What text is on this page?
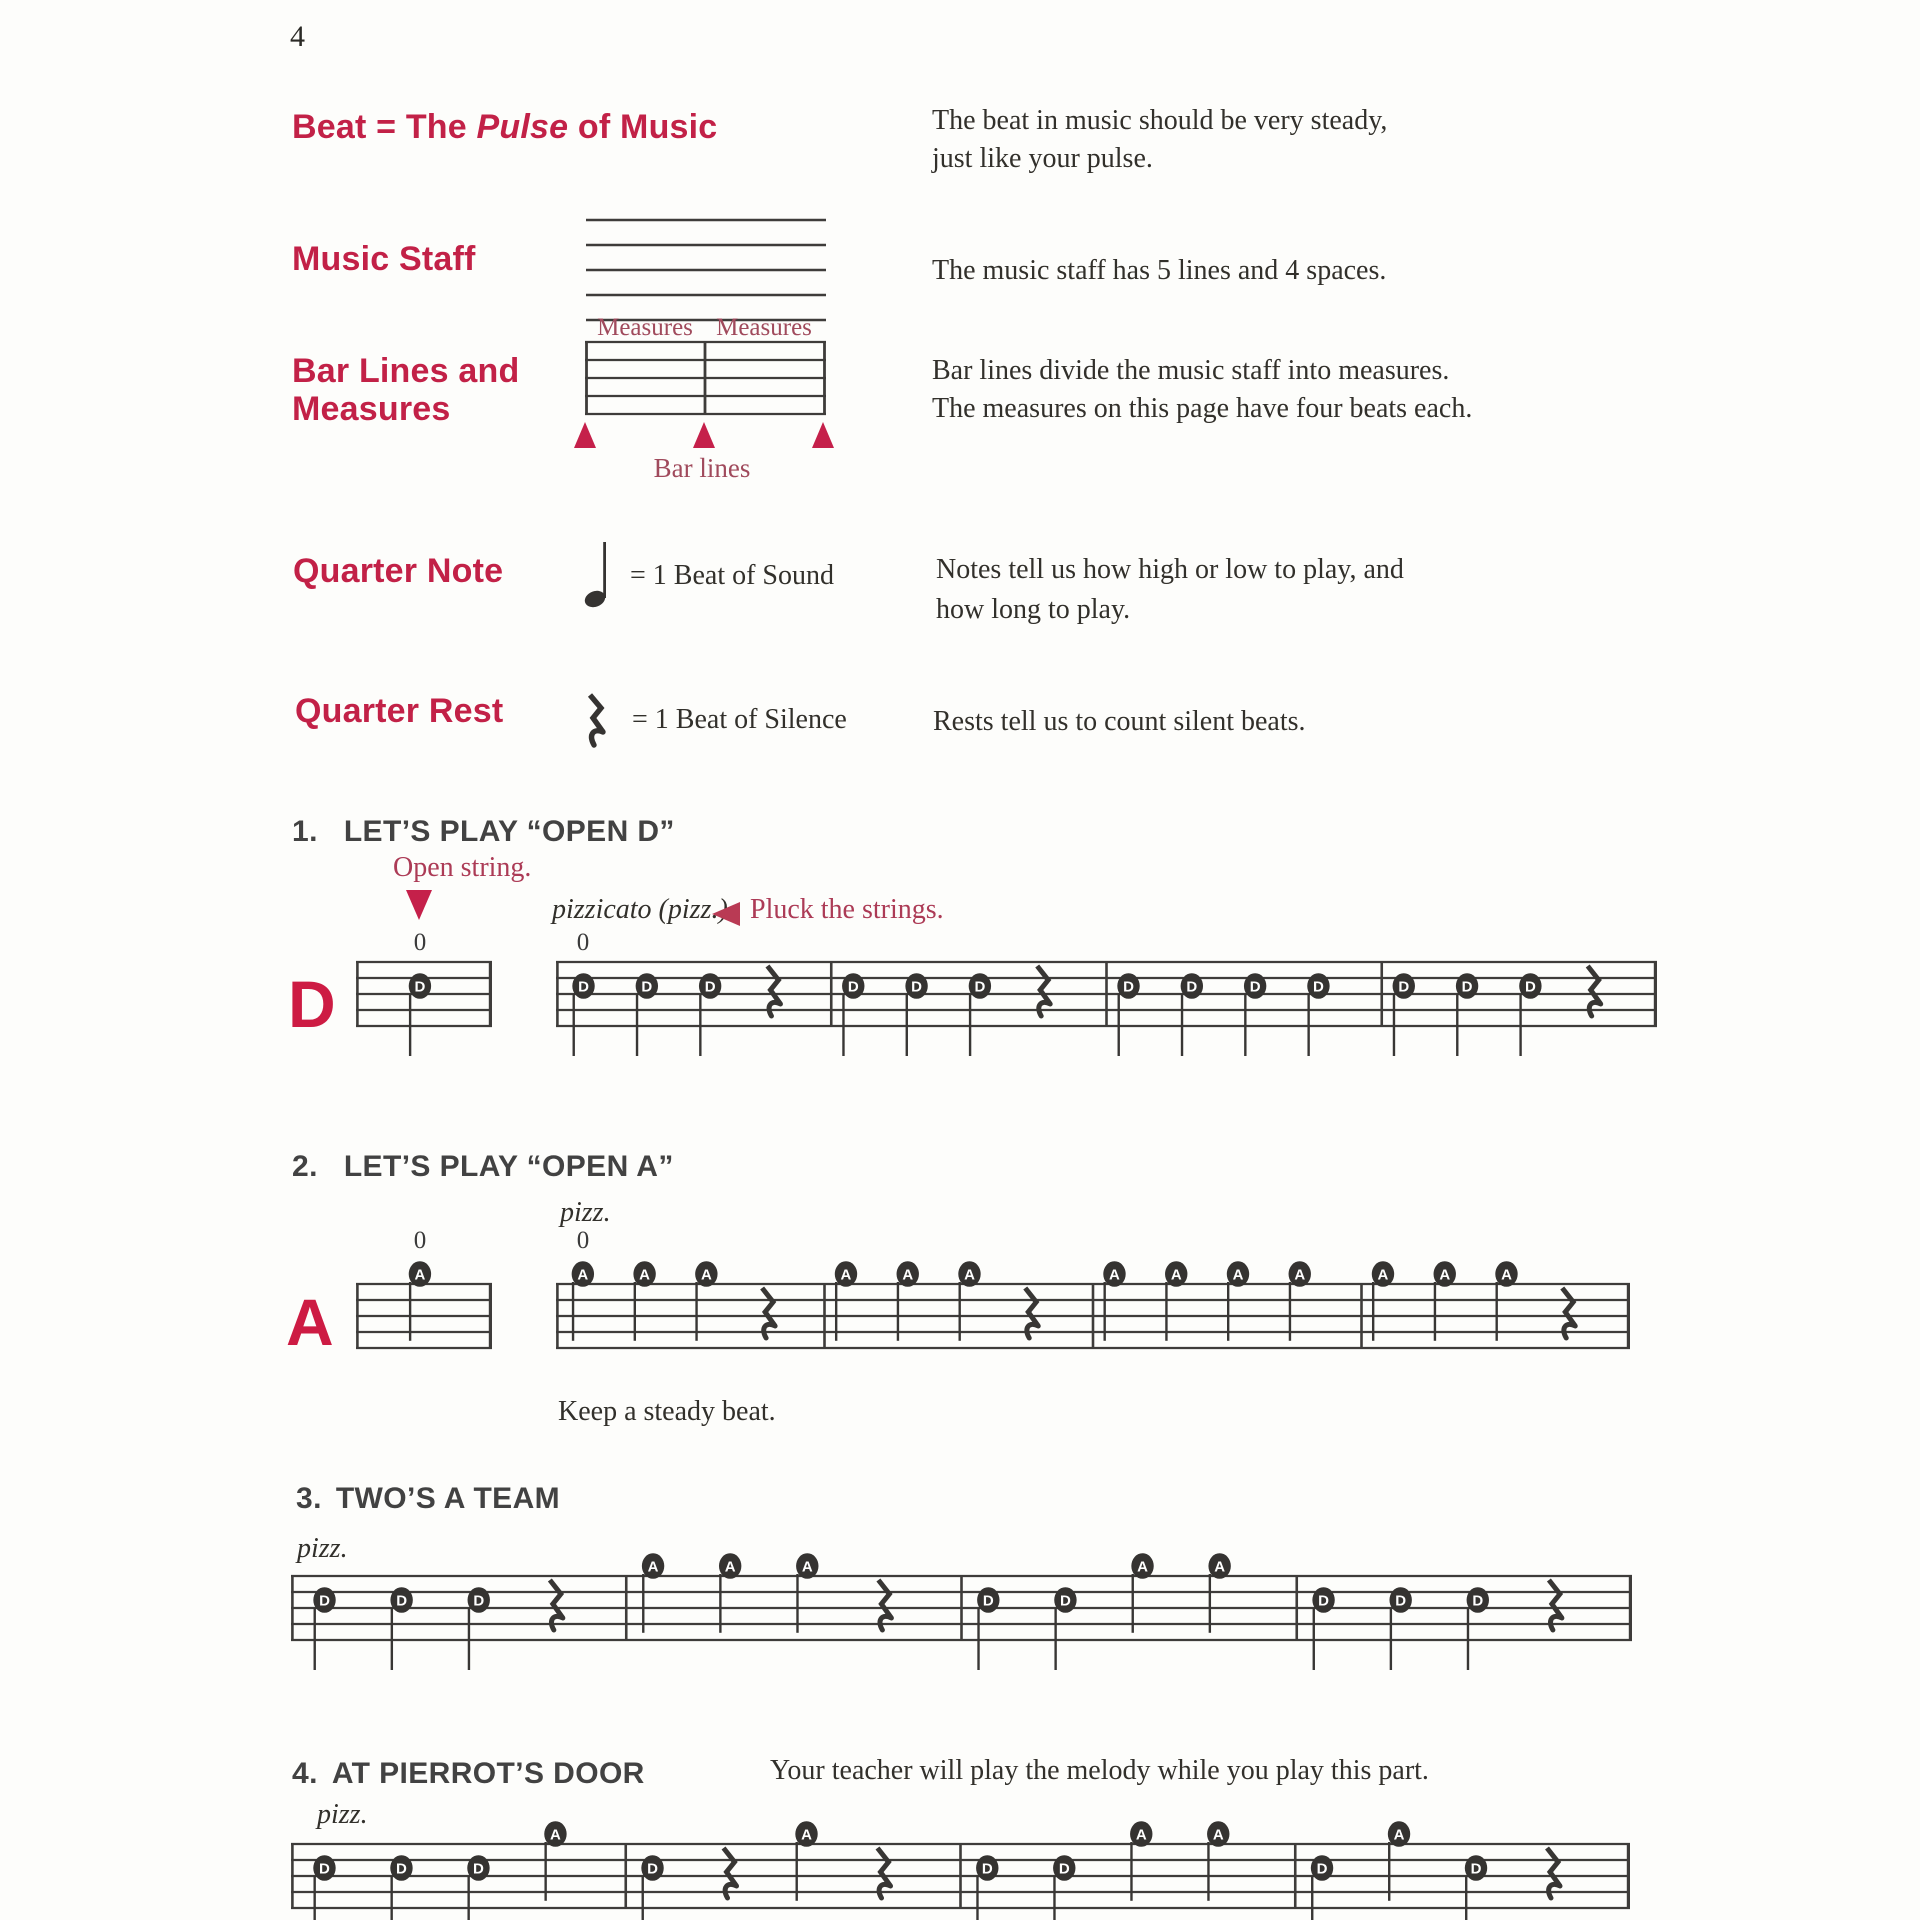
4
Beat = The Pulse of Music	The beat in music should be very steady,
just like your pulse.
Music Staff	The music staff has 5 lines and 4 spaces.
Measures Measures
Bar Lines and
Measures
Bar lines
Bar lines divide the music staff into measures.
The measures on this page have four beats each.
Quarter Note	= 1 Beat of Sound	Notes tell us how high or low to play, and
how long to play.
Quarter Rest	= 1 Beat of Silence	Rests tell us to count silent beats.
1. LET’S PLAY “OPEN D”
Open string.
pizzicato (pizz.) Pluck the strings.
0	0
D
2. LET’S PLAY “OPEN A”
pizz.
0	0
A
Keep a steady beat.
3. TWO’S A TEAM
pizz.
4. AT PIERROT’S DOOR	Your teacher will play the melody while you play this part.
pizz.
D	D	D	D	D	D	D	D	D	D	D	D	D	D
A	A	A	A	A	A	A	A	A	A	A	A	A	A
D	D	D
A	A	A
D	D
A	A
D	D	D
D	D	D
A
D
A
D	D
A	A
D
A
D
